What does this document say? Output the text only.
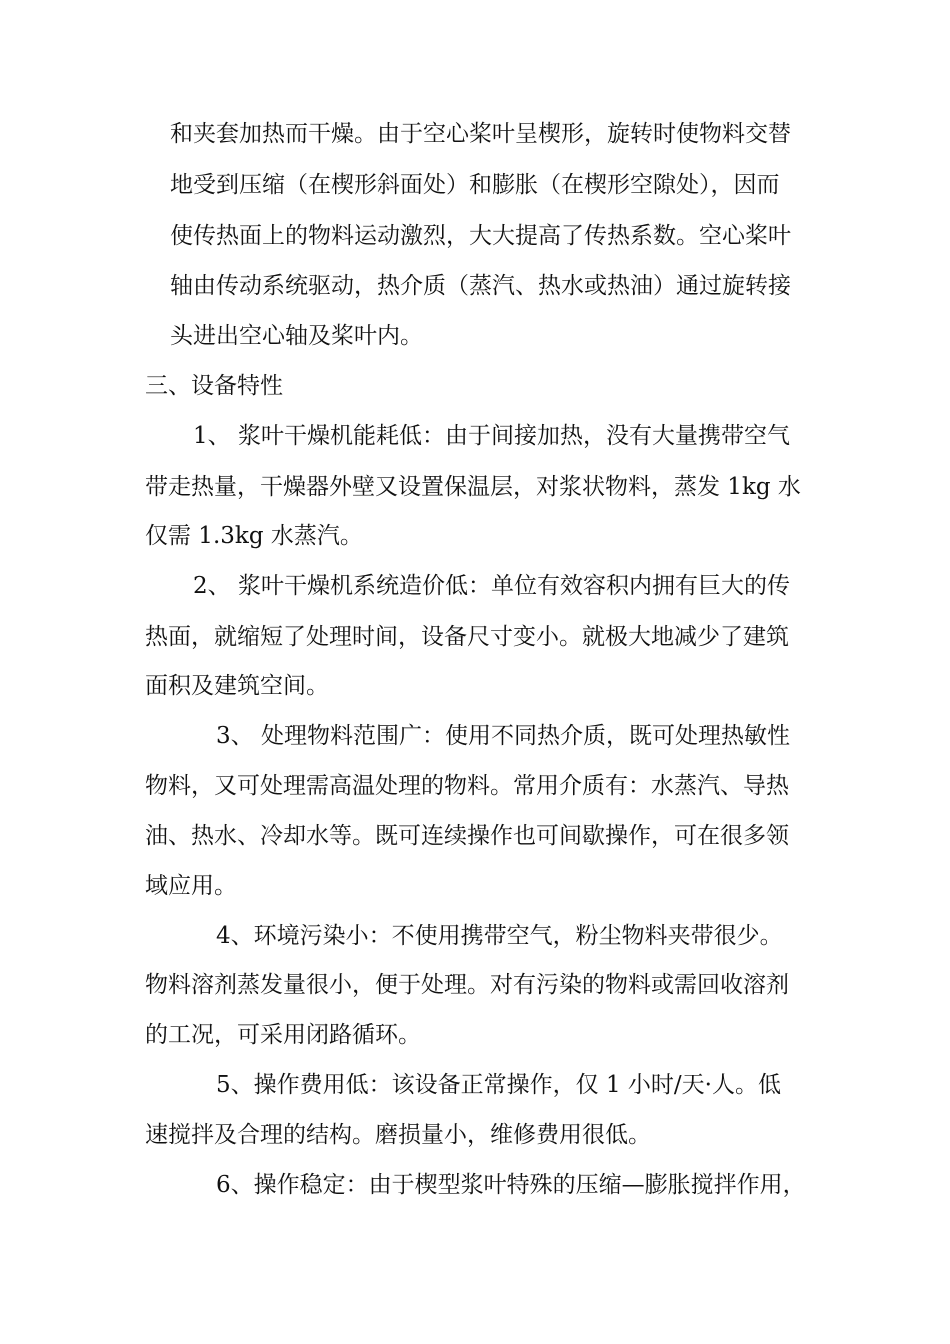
和夹套加热而干燥。由于空心桨叶呈楔形，旋转时使物料交替
地受到压缩（在楔形斜面处）和膨胀（在楔形空隙处），因而
使传热面上的物料运动激烈，大大提高了传热系数。空心桨叶
轴由传动系统驱动，热介质（蒸汽、热水或热油）通过旋转接
头进出空心轴及桨叶内。
三、设备特性
1、 浆叶干燥机能耗低：由于间接加热，没有大量携带空气
带走热量，干燥器外壁又设置保温层，对浆状物料，蒸发 1kg 水
仅需 1.3kg 水蒸汽。
2、 浆叶干燥机系统造价低：单位有效容积内拥有巨大的传
热面，就缩短了处理时间，设备尺寸变小。就极大地减少了建筑
面积及建筑空间。
3、 处理物料范围广：使用不同热介质，既可处理热敏性
物料，又可处理需高温处理的物料。常用介质有：水蒸汽、导热
油、热水、冷却水等。既可连续操作也可间歇操作，可在很多领
域应用。
4、环境污染小：不使用携带空气，粉尘物料夹带很少。
物料溶剂蒸发量很小，便于处理。对有污染的物料或需回收溶剂
的工况，可采用闭路循环。
5、操作费用低：该设备正常操作，仅 1 小时/天·人。低
速搅拌及合理的结构。磨损量小，维修费用很低。
6、操作稳定：由于楔型浆叶特殊的压缩—膨胀搅拌作用，
